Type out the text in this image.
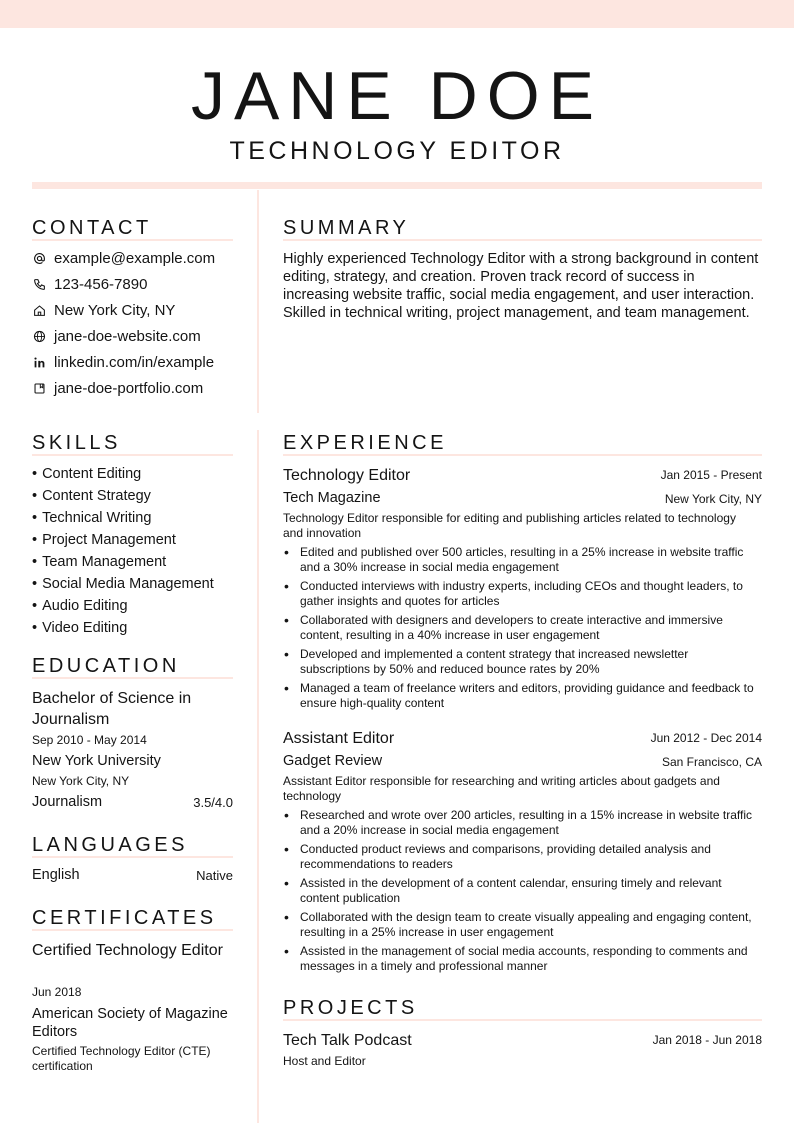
JANE DOE
TECHNOLOGY EDITOR
CONTACT
example@example.com
123-456-7890
New York City, NY
jane-doe-website.com
linkedin.com/in/example
jane-doe-portfolio.com
SUMMARY
Highly experienced Technology Editor with a strong background in content editing, strategy, and creation. Proven track record of success in increasing website traffic, social media engagement, and user interaction. Skilled in technical writing, project management, and team management.
SKILLS
• Content Editing
• Content Strategy
• Technical Writing
• Project Management
• Team Management
• Social Media Management
• Audio Editing
• Video Editing
EDUCATION
Bachelor of Science in Journalism
Sep 2010 - May 2014
New York University
New York City, NY
Journalism	3.5/4.0
LANGUAGES
English	Native
CERTIFICATES
Certified Technology Editor
Jun 2018
American Society of Magazine Editors
Certified Technology Editor (CTE) certification
EXPERIENCE
Technology Editor	Jan 2015 - Present
Tech Magazine	New York City, NY
Technology Editor responsible for editing and publishing articles related to technology and innovation
• Edited and published over 500 articles, resulting in a 25% increase in website traffic and a 30% increase in social media engagement
• Conducted interviews with industry experts, including CEOs and thought leaders, to gather insights and quotes for articles
• Collaborated with designers and developers to create interactive and immersive content, resulting in a 40% increase in user engagement
• Developed and implemented a content strategy that increased newsletter subscriptions by 50% and reduced bounce rates by 20%
• Managed a team of freelance writers and editors, providing guidance and feedback to ensure high-quality content
Assistant Editor	Jun 2012 - Dec 2014
Gadget Review	San Francisco, CA
Assistant Editor responsible for researching and writing articles about gadgets and technology
• Researched and wrote over 200 articles, resulting in a 15% increase in website traffic and a 20% increase in social media engagement
• Conducted product reviews and comparisons, providing detailed analysis and recommendations to readers
• Assisted in the development of a content calendar, ensuring timely and relevant content publication
• Collaborated with the design team to create visually appealing and engaging content, resulting in a 25% increase in user engagement
• Assisted in the management of social media accounts, responding to comments and messages in a timely and professional manner
PROJECTS
Tech Talk Podcast	Jan 2018 - Jun 2018
Host and Editor
